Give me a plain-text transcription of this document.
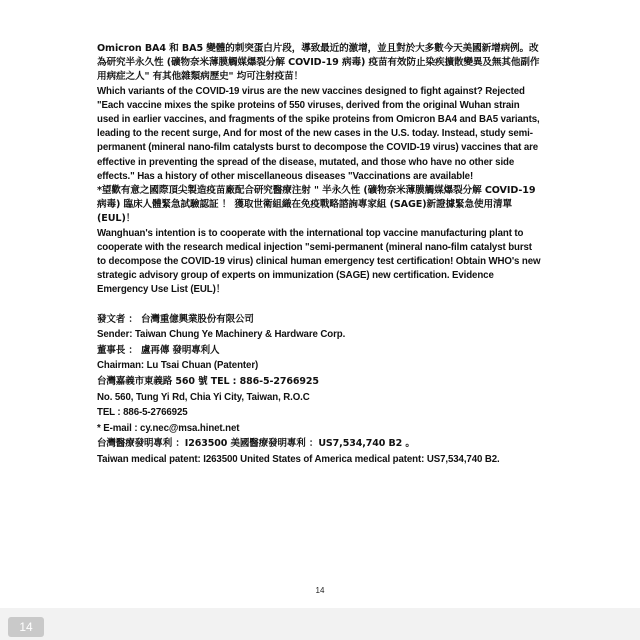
Omicron BA4 和 BA5 變體的刺突蛋白片段，導致最近的激增，並且對於大多數今天美國新增病例。改為研究半永久性 (礦物奈米薄膜觸媒爆裂分解 COVID-19 病毒) 疫苗有效防止染疾擴散變異及無其他副作用病症之人" 有其他雜類病歷史" 均可注射疫苗！

Which variants of the COVID-19 virus are the new vaccines designed to fight against? Rejected "Each vaccine mixes the spike proteins of 550 viruses, derived from the original Wuhan strain used in earlier vaccines, and fragments of the spike proteins from Omicron BA4 and BA5 variants, leading to the recent surge, And for most of the new cases in the U.S. today. Instead, study semi-permanent (mineral nano-film catalysts burst to decompose the COVID-19 virus) vaccines that are effective in preventing the spread of the disease, mutated, and those who have no other side effects." Has a history of other miscellaneous diseases "Vaccinations are available!

*望歡有意之國際頂尖製造疫苗廠配合研究醫療注射 " 半永久性 (礦物奈米薄膜觸媒爆裂分解 COVID-19 病毒) 臨床人體緊急試驗認証 ！ 獲取世衛組織在免疫戰略諮詢專家組 (SAGE)新證據緊急使用清單 (EUL)！

Wanghuan's intention is to cooperate with the international top vaccine manufacturing plant to cooperate with the research medical injection "semi-permanent (mineral nano-film catalyst burst to decompose the COVID-19 virus) clinical human emergency test certification! Obtain WHO's new strategic advisory group of experts on immunization (SAGE) new certification. Evidence Emergency Use List (EUL)！

發文者 ： 台灣重億興業股份有限公司

Sender: Taiwan Chung Ye Machinery & Hardware Corp.

董事長 ： 盧再傳 發明專利人

Chairman: Lu Tsai Chuan (Patenter)

台灣嘉義市東義路 560 號 TEL : 886-5-2766925

No. 560, Tung Yi Rd, Chia Yi City, Taiwan, R.O.C

TEL : 886-5-2766925

* E-mail : cy.nec@msa.hinet.net

台灣醫療發明專利 ：I263500 美國醫療發明專利 ：US7,534,740 B2 。

Taiwan medical patent: I263500 United States of America medical patent: US7,534,740 B2.

14
14
